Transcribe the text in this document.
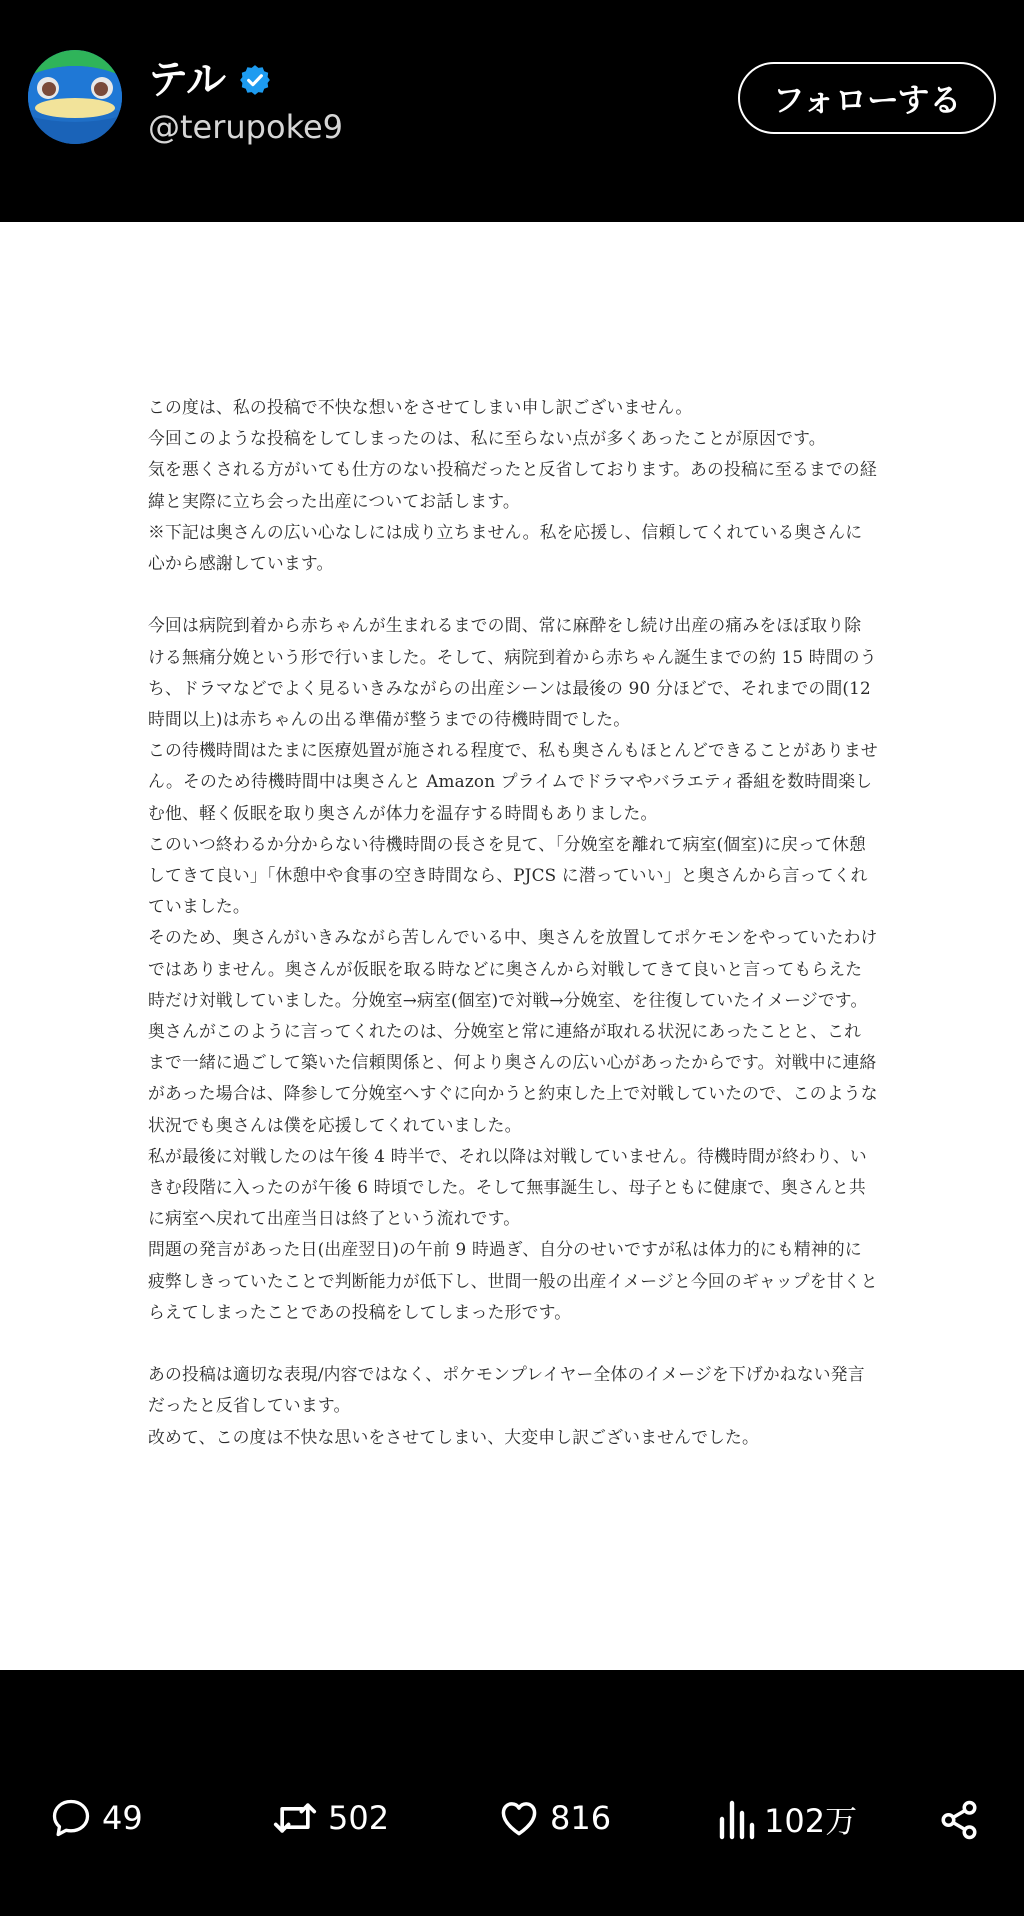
テル
@terupoke9
フォローする

この度は、私の投稿で不快な想いをさせてしまい申し訳ございません。

今回このような投稿をしてしまったのは、私に至らない点が多くあったことが原因です。

気を悪くされる方がいても仕方のない投稿だったと反省しております。あの投稿に至るまでの経緯と実際に立ち会った出産についてお話します。

※下記は奥さんの広い心なしには成り立ちません。私を応援し、信頼してくれている奥さんに心から感謝しています。

今回は病院到着から赤ちゃんが生まれるまでの間、常に麻酔をし続け出産の痛みをほぼ取り除ける無痛分娩という形で行いました。そして、病院到着から赤ちゃん誕生までの約 15 時間のうち、ドラマなどでよく見るいきみながらの出産シーンは最後の 90 分ほどで、それまでの間(12 時間以上)は赤ちゃんの出る準備が整うまでの待機時間でした。

この待機時間はたまに医療処置が施される程度で、私も奥さんもほとんどできることがありません。そのため待機時間中は奥さんと Amazon プライムでドラマやバラエティ番組を数時間楽しむ他、軽く仮眠を取り奥さんが体力を温存する時間もありました。

このいつ終わるか分からない待機時間の長さを見て、「分娩室を離れて病室(個室)に戻って休憩してきて良い」「休憩中や食事の空き時間なら、PJCS に潜っていい」と奥さんから言ってくれていました。

そのため、奥さんがいきみながら苦しんでいる中、奥さんを放置してポケモンをやっていたわけではありません。奥さんが仮眠を取る時などに奥さんから対戦してきて良いと言ってもらえた時だけ対戦していました。分娩室→病室(個室)で対戦→分娩室、を往復していたイメージです。

奥さんがこのように言ってくれたのは、分娩室と常に連絡が取れる状況にあったことと、これまで一緒に過ごして築いた信頼関係と、何より奥さんの広い心があったからです。対戦中に連絡があった場合は、降参して分娩室へすぐに向かうと約束した上で対戦していたので、このような状況でも奥さんは僕を応援してくれていました。

私が最後に対戦したのは午後 4 時半で、それ以降は対戦していません。待機時間が終わり、いきむ段階に入ったのが午後 6 時頃でした。そして無事誕生し、母子ともに健康で、奥さんと共に病室へ戻れて出産当日は終了という流れです。

問題の発言があった日(出産翌日)の午前 9 時過ぎ、自分のせいですが私は体力的にも精神的に疲弊しきっていたことで判断能力が低下し、世間一般の出産イメージと今回のギャップを甘くとらえてしまったことであの投稿をしてしまった形です。

あの投稿は適切な表現/内容ではなく、ポケモンプレイヤー全体のイメージを下げかねない発言だったと反省しています。

改めて、この度は不快な思いをさせてしまい、大変申し訳ございませんでした。

49	502	816	102万
